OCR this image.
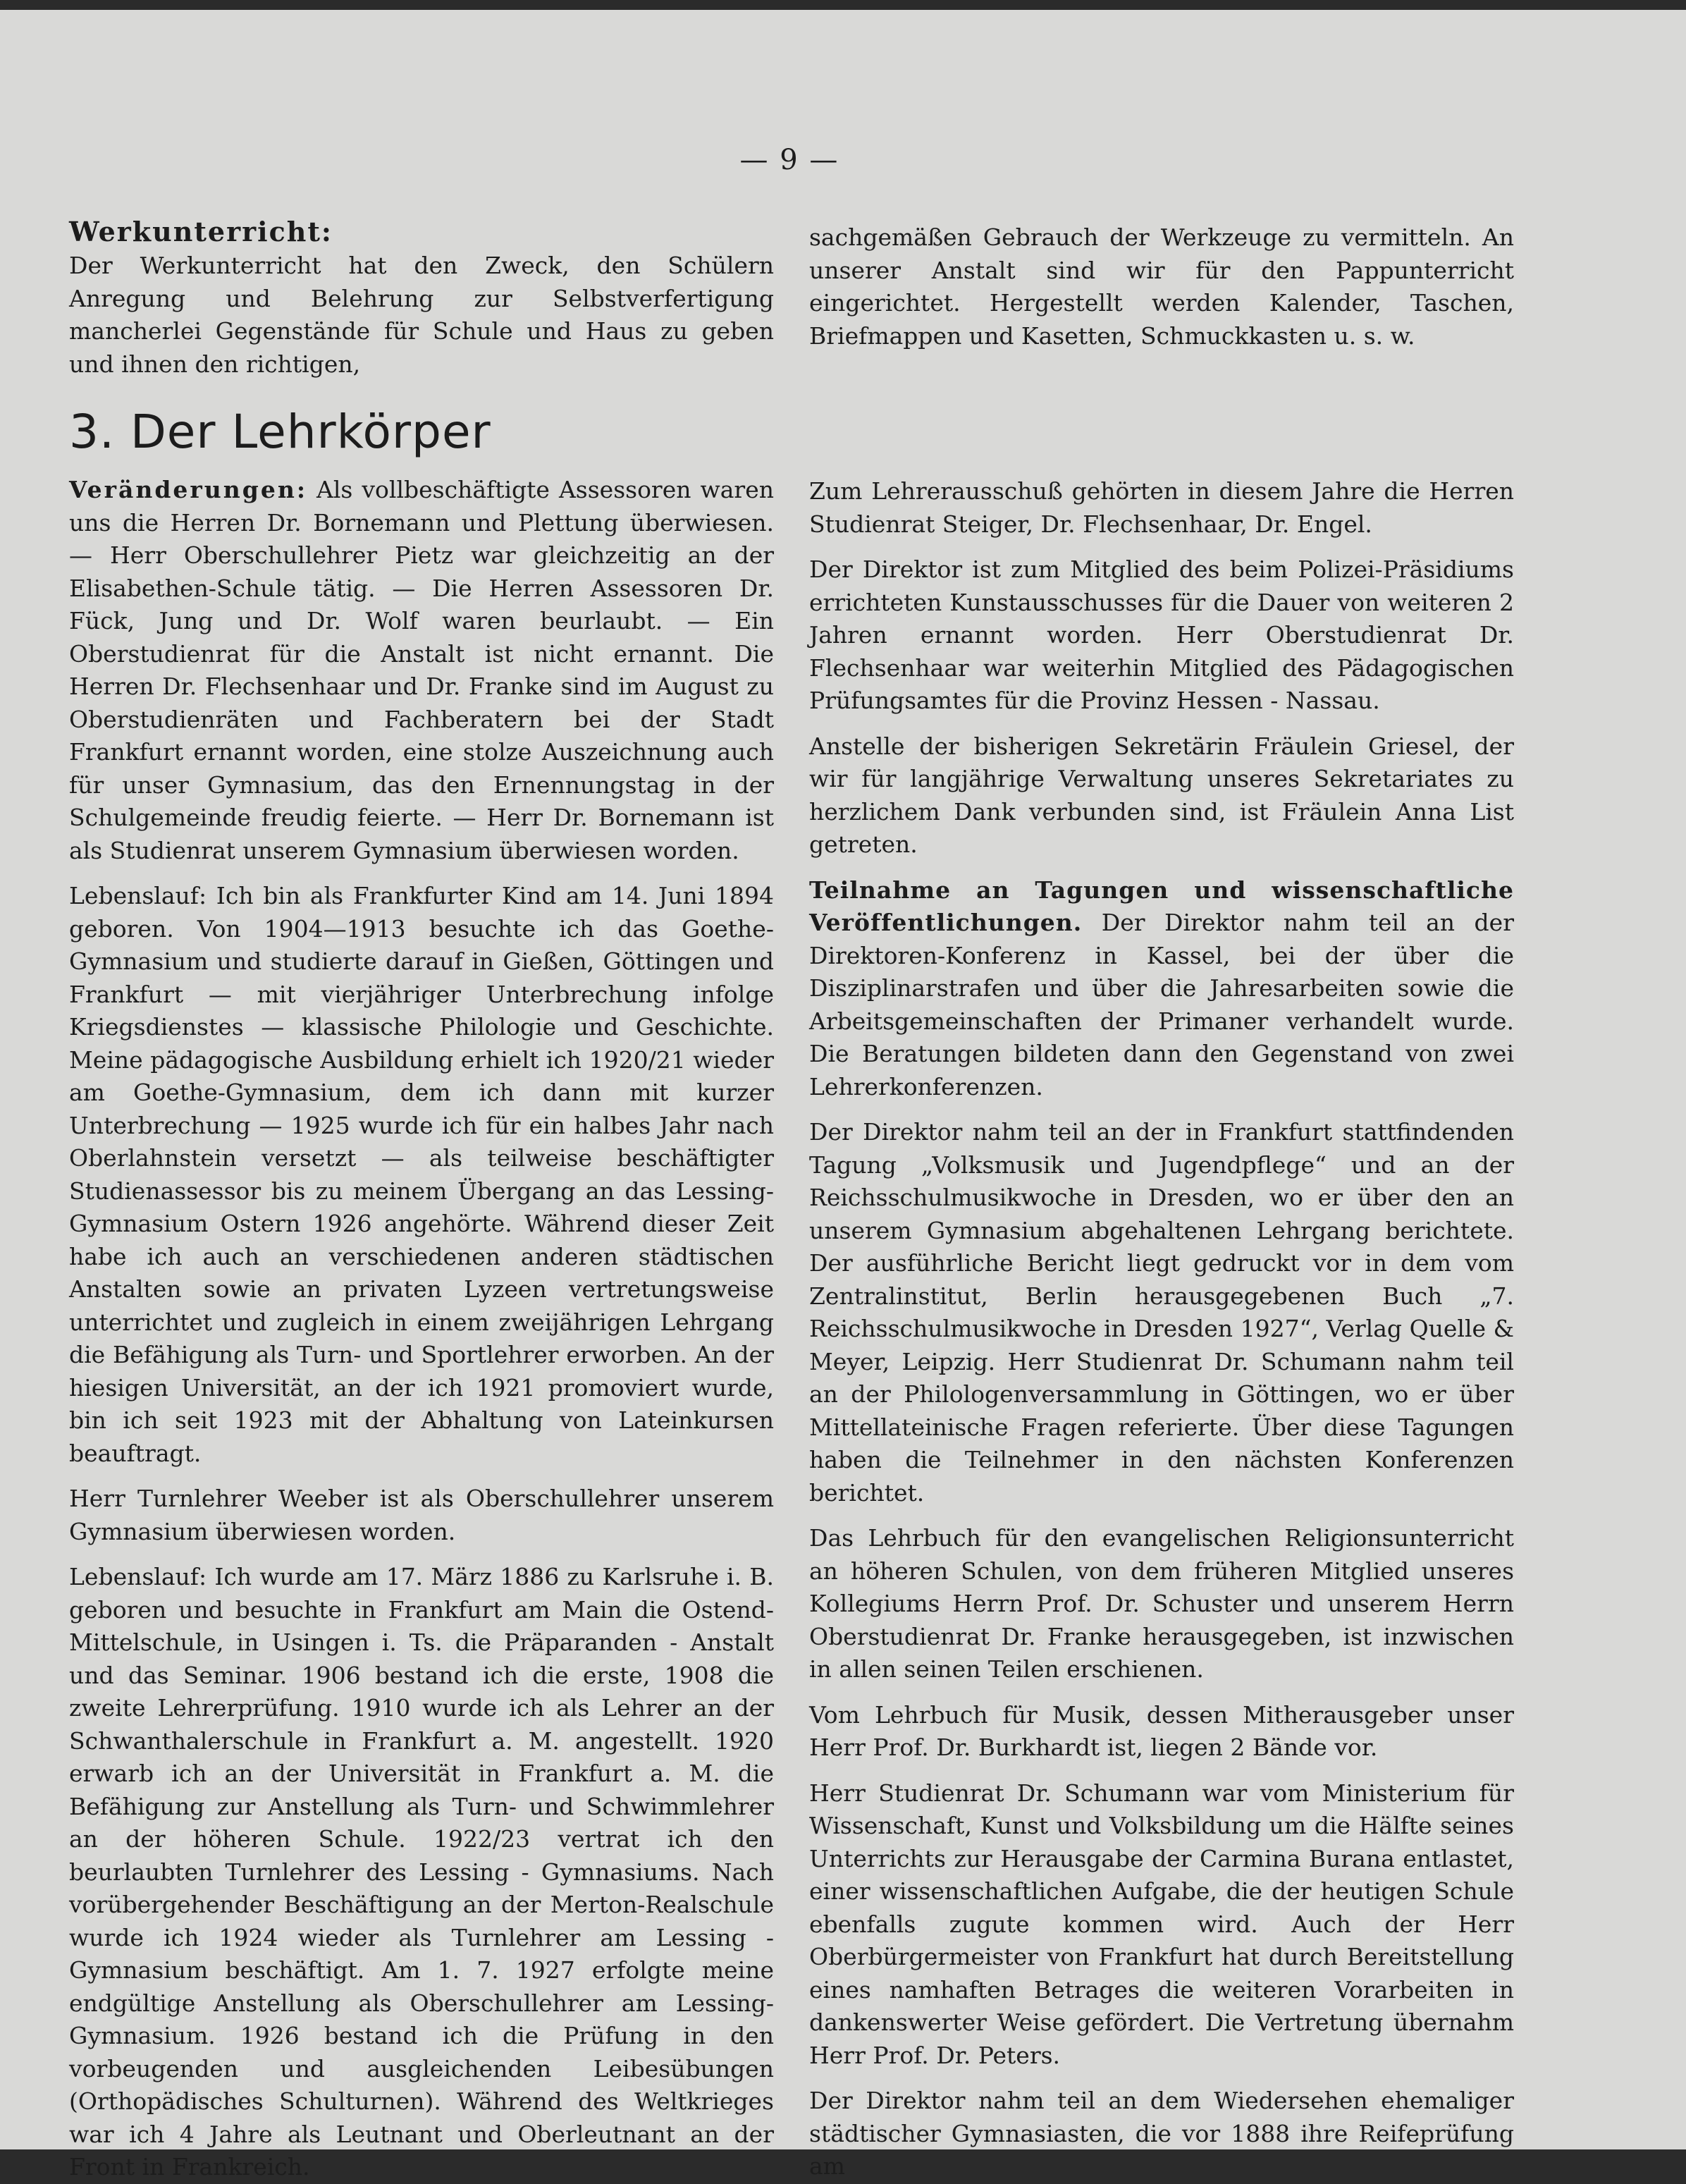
— 9 —
Werkunterricht:

Der Werkunterricht hat den Zweck, den Schülern Anregung und Belehrung zur Selbstverfertigung mancherlei Gegenstände für Schule und Haus zu geben und ihnen den richtigen,

sachgemäßen Gebrauch der Werkzeuge zu vermitteln. An unserer Anstalt sind wir für den Pappunterricht eingerichtet. Hergestellt werden Kalender, Taschen, Briefmappen und Kasetten, Schmuckkasten u. s. w.

3. Der Lehrkörper

Veränderungen: Als vollbeschäftigte Assessoren waren uns die Herren Dr. Bornemann und Plettung überwiesen. — Herr Oberschullehrer Pietz war gleichzeitig an der Elisabethen-Schule tätig. — Die Herren Assessoren Dr. Fück, Jung und Dr. Wolf waren beurlaubt. — Ein Oberstudienrat für die Anstalt ist nicht ernannt. Die Herren Dr. Flechsenhaar und Dr. Franke sind im August zu Oberstudienräten und Fachberatern bei der Stadt Frankfurt ernannt worden, eine stolze Auszeichnung auch für unser Gymnasium, das den Ernennungstag in der Schulgemeinde freudig feierte. — Herr Dr. Bornemann ist als Studienrat unserem Gymnasium überwiesen worden.

Lebenslauf: Ich bin als Frankfurter Kind am 14. Juni 1894 geboren. Von 1904—1913 besuchte ich das Goethe-Gymnasium und studierte darauf in Gießen, Göttingen und Frankfurt — mit vierjähriger Unterbrechung infolge Kriegsdienstes — klassische Philologie und Geschichte. Meine pädagogische Ausbildung erhielt ich 1920/21 wieder am Goethe-Gymnasium, dem ich dann mit kurzer Unterbrechung — 1925 wurde ich für ein halbes Jahr nach Oberlahnstein versetzt — als teilweise beschäftigter Studienassessor bis zu meinem Übergang an das Lessing-Gymnasium Ostern 1926 angehörte. Während dieser Zeit habe ich auch an verschiedenen anderen städtischen Anstalten sowie an privaten Lyzeen vertretungsweise unterrichtet und zugleich in einem zweijährigen Lehrgang die Befähigung als Turn- und Sportlehrer erworben. An der hiesigen Universität, an der ich 1921 promoviert wurde, bin ich seit 1923 mit der Abhaltung von Lateinkursen beauftragt.

Herr Turnlehrer Weeber ist als Oberschullehrer unserem Gymnasium überwiesen worden.

Lebenslauf: Ich wurde am 17. März 1886 zu Karlsruhe i. B. geboren und besuchte in Frankfurt am Main die Ostend-Mittelschule, in Usingen i. Ts. die Präparanden - Anstalt und das Seminar. 1906 bestand ich die erste, 1908 die zweite Lehrerprüfung. 1910 wurde ich als Lehrer an der Schwanthalerschule in Frankfurt a. M. angestellt. 1920 erwarb ich an der Universität in Frankfurt a. M. die Befähigung zur Anstellung als Turn- und Schwimmlehrer an der höheren Schule. 1922/23 vertrat ich den beurlaubten Turnlehrer des Lessing - Gymnasiums. Nach vorübergehender Beschäftigung an der Merton-Realschule wurde ich 1924 wieder als Turnlehrer am Lessing - Gymnasium beschäftigt. Am 1. 7. 1927 erfolgte meine endgültige Anstellung als Oberschullehrer am Lessing-Gymnasium. 1926 bestand ich die Prüfung in den vorbeugenden und ausgleichenden Leibesübungen (Orthopädisches Schulturnen). Während des Weltkrieges war ich 4 Jahre als Leutnant und Oberleutnant an der Front in Frankreich.

Zum Lehrerausschuß gehörten in diesem Jahre die Herren Studienrat Steiger, Dr. Flechsenhaar, Dr. Engel.

Der Direktor ist zum Mitglied des beim Polizei-Präsidiums errichteten Kunstausschusses für die Dauer von weiteren 2 Jahren ernannt worden. Herr Oberstudienrat Dr. Flechsenhaar war weiterhin Mitglied des Pädagogischen Prüfungsamtes für die Provinz Hessen - Nassau.

Anstelle der bisherigen Sekretärin Fräulein Griesel, der wir für langjährige Verwaltung unseres Sekretariates zu herzlichem Dank verbunden sind, ist Fräulein Anna List getreten.

Teilnahme an Tagungen und wissenschaftliche Veröffentlichungen. Der Direktor nahm teil an der Direktoren-Konferenz in Kassel, bei der über die Disziplinarstrafen und über die Jahresarbeiten sowie die Arbeitsgemeinschaften der Primaner verhandelt wurde. Die Beratungen bildeten dann den Gegenstand von zwei Lehrerkonferenzen.

Der Direktor nahm teil an der in Frankfurt stattfindenden Tagung „Volksmusik und Jugendpflege“ und an der Reichsschulmusikwoche in Dresden, wo er über den an unserem Gymnasium abgehaltenen Lehrgang berichtete. Der ausführliche Bericht liegt gedruckt vor in dem vom Zentralinstitut, Berlin herausgegebenen Buch „7. Reichsschulmusikwoche in Dresden 1927“, Verlag Quelle & Meyer, Leipzig. Herr Studienrat Dr. Schumann nahm teil an der Philologenversammlung in Göttingen, wo er über Mittellateinische Fragen referierte. Über diese Tagungen haben die Teilnehmer in den nächsten Konferenzen berichtet.

Das Lehrbuch für den evangelischen Religionsunterricht an höheren Schulen, von dem früheren Mitglied unseres Kollegiums Herrn Prof. Dr. Schuster und unserem Herrn Oberstudienrat Dr. Franke herausgegeben, ist inzwischen in allen seinen Teilen erschienen.

Vom Lehrbuch für Musik, dessen Mitherausgeber unser Herr Prof. Dr. Burkhardt ist, liegen 2 Bände vor.

Herr Studienrat Dr. Schumann war vom Ministerium für Wissenschaft, Kunst und Volksbildung um die Hälfte seines Unterrichts zur Herausgabe der Carmina Burana entlastet, einer wissenschaftlichen Aufgabe, die der heutigen Schule ebenfalls zugute kommen wird. Auch der Herr Oberbürgermeister von Frankfurt hat durch Bereitstellung eines namhaften Betrages die weiteren Vorarbeiten in dankenswerter Weise gefördert. Die Vertretung übernahm Herr Prof. Dr. Peters.

Der Direktor nahm teil an dem Wiedersehen ehemaliger städtischer Gymnasiasten, die vor 1888 ihre Reifeprüfung am
